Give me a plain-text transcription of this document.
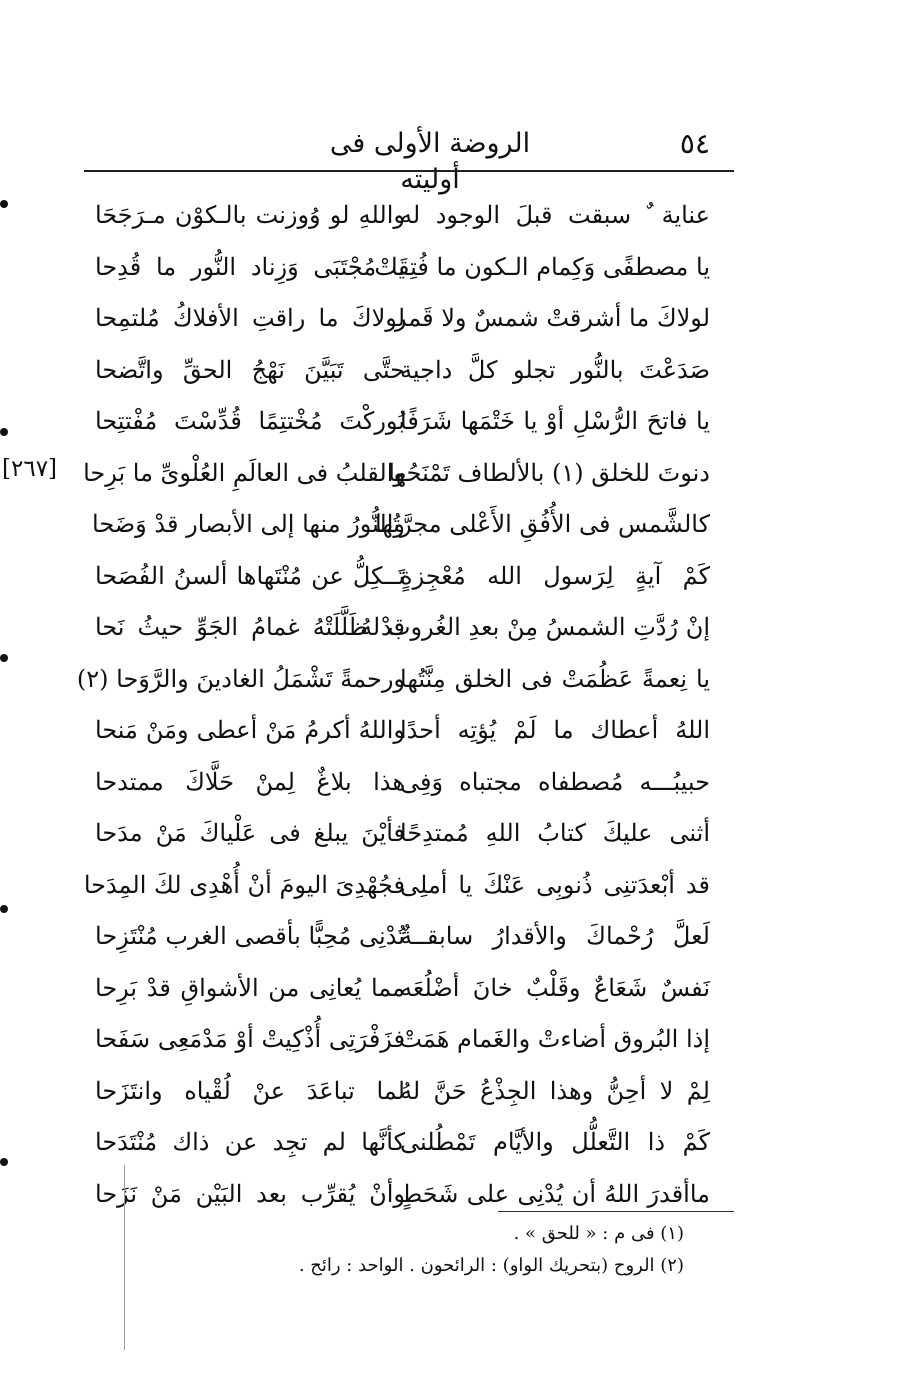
٥٤
الروضة الأولى فى أوليته
[٢٦٧]
عناية ٌ سبقت قبلَ الوجود له
يا مصطفًى وَكِمام الـكون ما فُتِقَتْ
لولاكَ ما أشرقتْ شمسٌ ولا قَمر
صَدَعْتَ بالنُّور تجلو كلَّ داجية
يا فاتحَ الرُّسْلِ أوْ يا خَتْمَها شَرَفًا
دنوتَ للخلق (١) بالألطاف تَمْنَحُها
كالشَّمس فى الأُفُقِ الأَعْلى مجرَّتُها
كَمْ آيةٍ لِرَسول الله مُعْجِزةٍ
إنْ رُدَّتِ الشمسُ مِنْ بعدِ الغُروب لهُ
يا نِعمةً عَظُمَتْ فى الخلق مِنَّتُها
اللهُ أعطاك ما لَمْ يُؤتِه أحدًا
حبيبُـــه مُصطفاه مجتباه وَفِى
أثنى عليكَ كتابُ اللهِ مُمتدِحًا
قد أبْعدَتنِى ذُنوبِى عَنْكَ يا أملِى
لَعلَّ رُحْماكَ والأقدارُ سابقــةٌ
نَفسٌ شَعَاعٌ وقَلْبٌ خانَ أضْلُعَه
إذا البُروق أضاءتْ والغَمام هَمَتْ
لِمْ لا أحِنُّ وهذا الجِذْعُ حَنَّ لهُ
كَمْ ذا التَّعلُّل والأيَّام تَمْطُلنى
ماأقدرَ اللهُ أن يُدْنِى على شَحَطٍ
واللهِ لو وُوزنت بالـكوْن مـرَجَحَا
يا مُجْتَبَى وَزِناد النُّور ما قُدِحا
لولاكَ ما راقتِ الأفلاكُ مُلتمِحا
حتَّى تَبَيَّنَ نَهْجُ الحقِّ واتَّضحا
بُوركْتَ مُخْتتِمًا قُدِّسْتَ مُفْتتِحا
والقلبُ فى العالَمِ العُلْوىِّ ما بَرِحا
والنُّورُ منها إلى الأبصار قدْ وَضَحا
تَــكِلُّ عن مُنْتَهاها ألسنُ الفُصَحا
قدْ ظَلَّلَتْهُ غمامُ الجَوِّ حيثُ نَحا
ورحمةً تَشْمَلُ الغادينَ والرَّوَحا (٢)
واللهُ أكرمُ مَنْ أعطى ومَنْ مَنحا
هذا بلاغٌ لِمنْ حَلَّاكَ ممتدحا
فأيْنَ يبلغ فى عَلْياكَ مَنْ مدَحا
فجُهْدِىَ اليومَ أنْ أُهْدِى لكَ المِدَحا
تُدْنِى مُحِبًّا بأقصى الغرب مُنْتَزِحا
مما يُعانِى من الأشواقِ قدْ بَرِحا
فزَفْرَتِى أُذْكِيتْ أوْ مَدْمَعِى سَفَحا
لما تباعَدَ عنْ لُقْياه وانتَزَحا
كأنَّها لم تجِد عن ذاك مُنْتَدَحا
وأنْ يُقرِّب بعد البَيْن مَنْ نَزَحا
(١) فى م : « للحق » .
(٢) الروح (بتحريك الواو) : الرائحون . الواحد : رائح .
